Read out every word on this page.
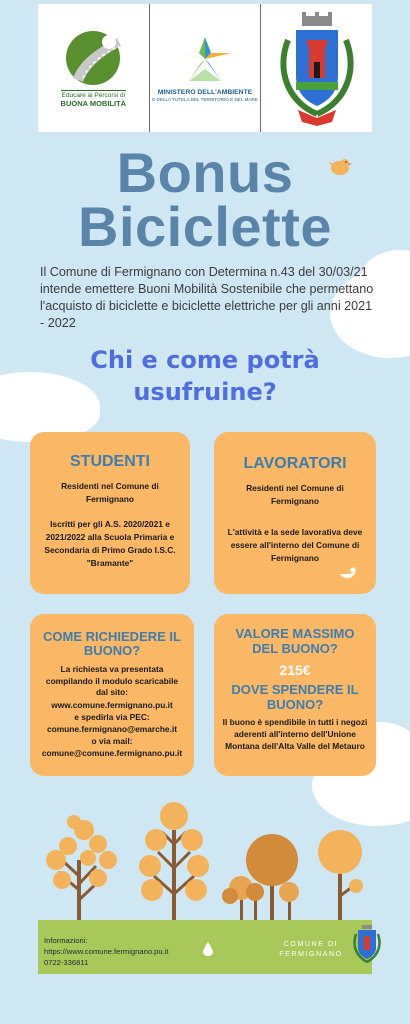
Educare ai Percorsi di
BUONA MOBILITÀ
MINISTERO DELL'AMBIENTE
E DELLA TUTELA DEL TERRITORIO E DEL MARE
Bonus
Biciclette
Il Comune di Fermignano con Determina n.43 del 30/03/21 intende emettere Buoni Mobilità Sostenibile che permettano l'acquisto di biciclette e biciclette elettriche per gli anni 2021 - 2022
Chi e come potrà
usufruine?
STUDENTI

Residenti nel Comune di Fermignano

Iscritti per gli A.S. 2020/2021 e 2021/2022 alla Scuola Primaria e Secondaria di Primo Grado I.S.C. "Bramante"

LAVORATORI

Residenti nel Comune di Fermignano

L'attività e la sede lavorativa deve essere all'interno del Comune di Fermignano

COME RICHIEDERE IL BUONO?

La richiesta va presentata compilando il modulo scaricabile dal sito:

www.comune.fermignano.pu.it

e spedirla via PEC:

comune.fermignano@emarche.it

o via mail:

comune@comune.fermignano.pu.it

VALORE MASSIMO DEL BUONO?
215€
DOVE SPENDERE IL BUONO?

Il buono è spendibile in tutti i negozi aderenti all'interno dell'Unione Montana dell'Alta Valle del Metauro

Informazioni:
https://www.comune.fermignano.pu.it
0722-336811
COMUNE DI
FERMIGNANO
